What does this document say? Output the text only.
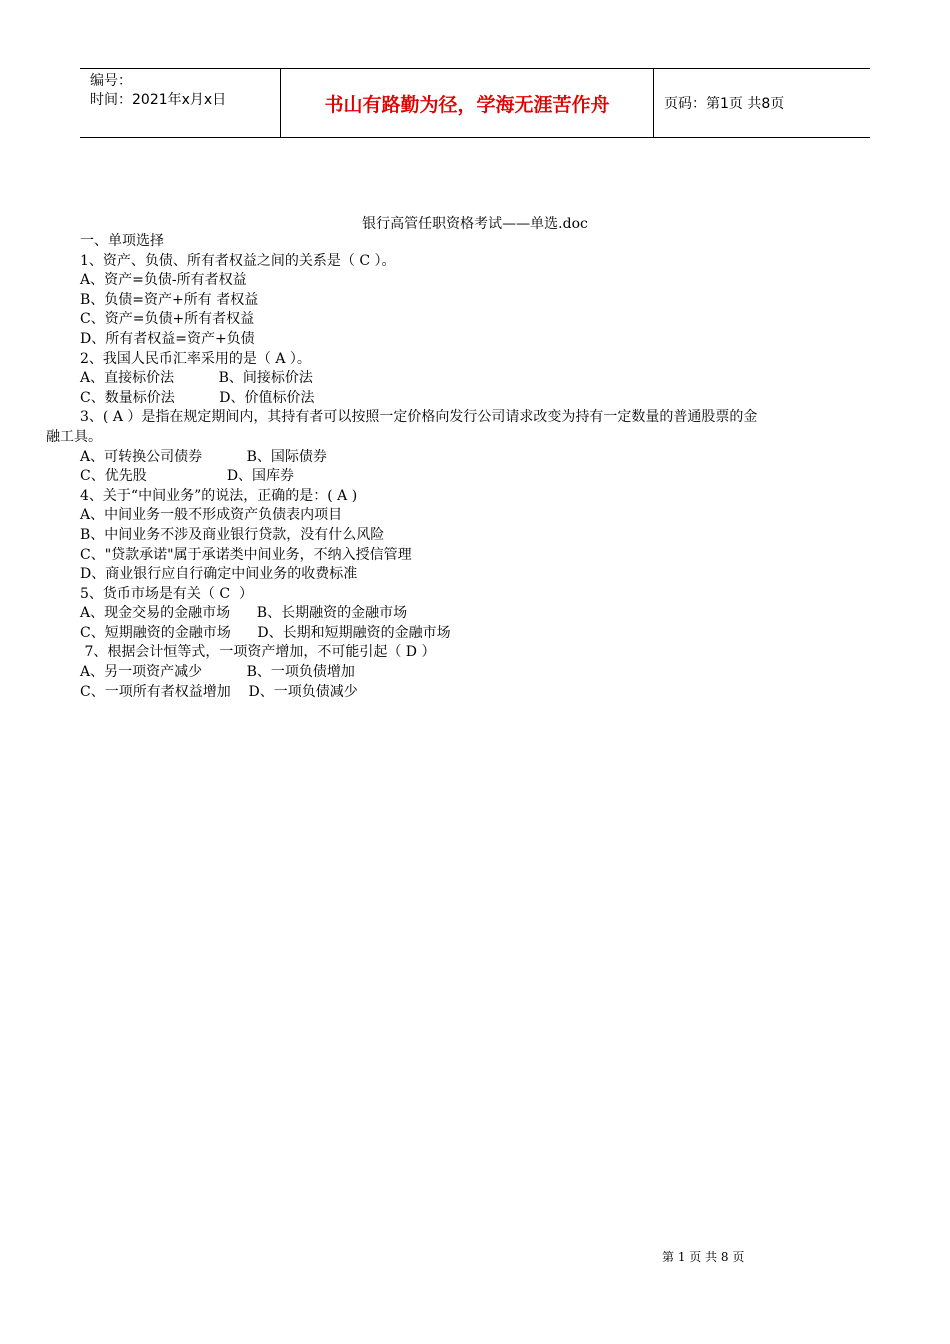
编号：
时间：2021年x月x日	书山有路勤为径，学海无涯苦作舟	页码：第1页 共8页
银行高管任职资格考试——单选.doc
一、单项选择
1、资产、负债、所有者权益之间的关系是（ C ）。
A、资产=负债-所有者权益
B、负债=资产+所有 者权益
C、资产=负债+所有者权益
D、所有者权益=资产+负债
2、我国人民币汇率采用的是（ A ）。
A、直接标价法          B、间接标价法
C、数量标价法          D、价值标价法
3、( A ）是指在规定期间内，其持有者可以按照一定价格向发行公司请求改变为持有一定数量的普通股票的金
融工具。
A、可转换公司债券          B、国际债券
C、优先股                  D、国库券
4、关于“中间业务”的说法，正确的是：( A )
A、中间业务一般不形成资产负债表内项目
B、中间业务不涉及商业银行贷款，没有什么风险
C、"贷款承诺"属于承诺类中间业务，不纳入授信管理
D、商业银行应自行确定中间业务的收费标准
5、货币市场是有关（ C  ）
A、现金交易的金融市场      B、长期融资的金融市场
C、短期融资的金融市场      D、长期和短期融资的金融市场
7、根据会计恒等式，一项资产增加，不可能引起（ D ）
A、另一项资产减少          B、一项负债增加
C、一项所有者权益增加    D、一项负债减少
第 1 页 共 8 页
